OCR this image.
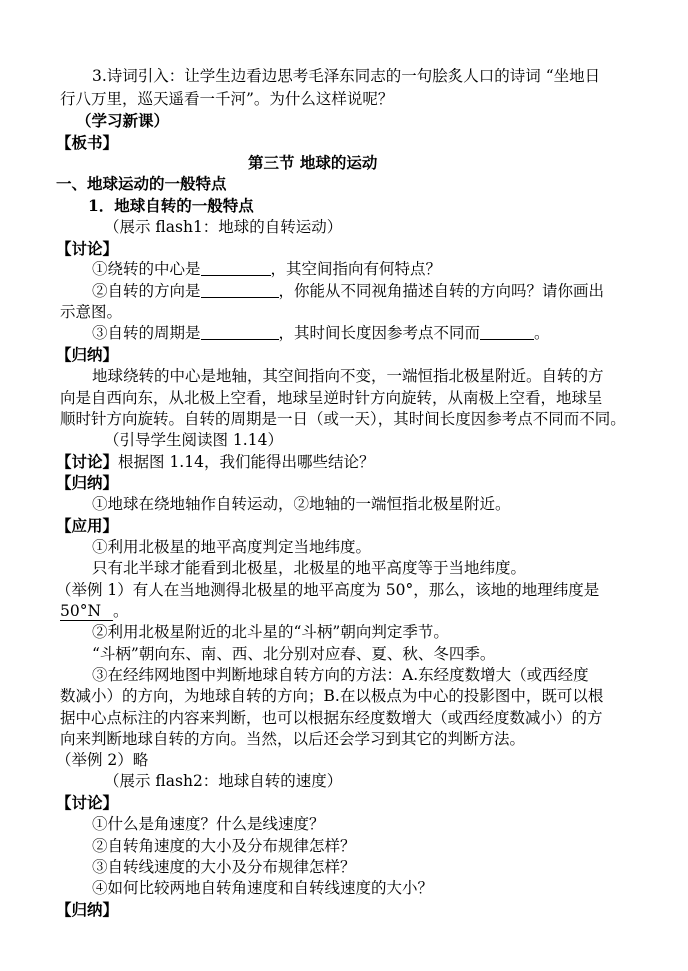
3.诗词引入：让学生边看边思考毛泽东同志的一句脍炙人口的诗词 “坐地日
行八万里，巡天遥看一千河”。为什么这样说呢？
（学习新课）
【板书】
第三节 地球的运动
一、地球运动的一般特点
1．地球自转的一般特点
（展示 flash1：地球的自转运动）
【讨论】
①绕转的中心是	，其空间指向有何特点？
②自转的方向是	，你能从不同视角描述自转的方向吗？请你画出
示意图。
③自转的周期是	，其时间长度因参考点不同而	。
【归纳】
地球绕转的中心是地轴，其空间指向不变，一端恒指北极星附近。自转的方
向是自西向东，从北极上空看，地球呈逆时针方向旋转，从南极上空看，地球呈
顺时针方向旋转。自转的周期是一日（或一天），其时间长度因参考点不同而不同。
（引导学生阅读图 1.14）
【讨论】根据图 1.14，我们能得出哪些结论？
【归纳】
①地球在绕地轴作自转运动，②地轴的一端恒指北极星附近。
【应用】
①利用北极星的地平高度判定当地纬度。
只有北半球才能看到北极星，北极星的地平高度等于当地纬度。
（举例 1）有人在当地测得北极星的地平高度为 50°，那么，该地的地理纬度是
50°N 。
②利用北极星附近的北斗星的“斗柄”朝向判定季节。
“斗柄”朝向东、南、西、北分别对应春、夏、秋、冬四季。
③在经纬网地图中判断地球自转方向的方法：A.东经度数增大（或西经度
数减小）的方向，为地球自转的方向；B.在以极点为中心的投影图中，既可以根
据中心点标注的内容来判断，也可以根据东经度数增大（或西经度数减小）的方
向来判断地球自转的方向。当然，以后还会学习到其它的判断方法。
（举例 2）略
（展示 flash2：地球自转的速度）
【讨论】
①什么是角速度？什么是线速度？
②自转角速度的大小及分布规律怎样？
③自转线速度的大小及分布规律怎样？
④如何比较两地自转角速度和自转线速度的大小？
【归纳】
